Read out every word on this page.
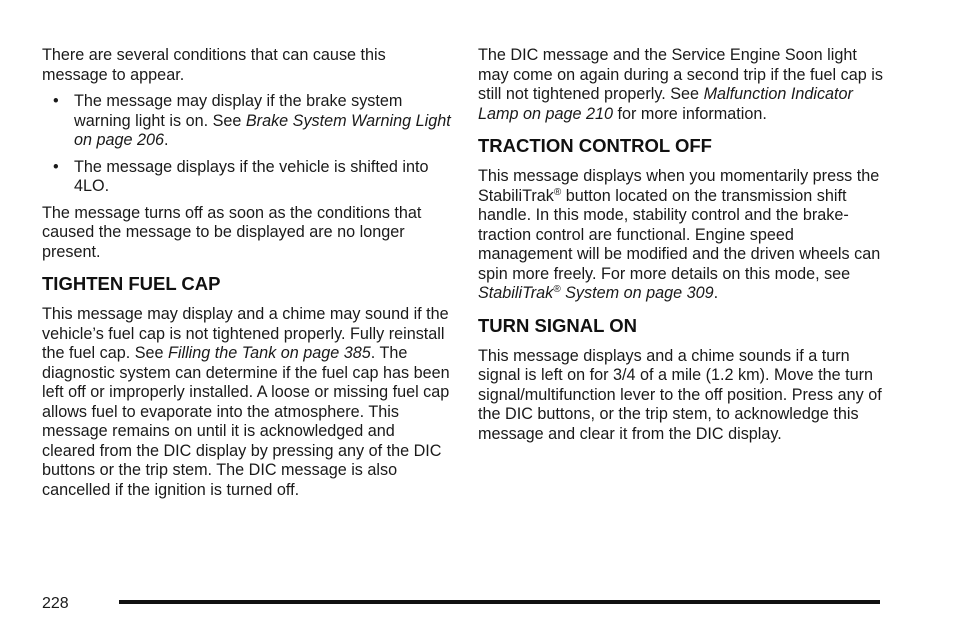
There are several conditions that can cause this message to appear.

• The message may display if the brake system warning light is on. See Brake System Warning Light on page 206.
• The message displays if the vehicle is shifted into 4LO.

The message turns off as soon as the conditions that caused the message to be displayed are no longer present.

TIGHTEN FUEL CAP

This message may display and a chime may sound if the vehicle’s fuel cap is not tightened properly. Fully reinstall the fuel cap. See Filling the Tank on page 385. The diagnostic system can determine if the fuel cap has been left off or improperly installed. A loose or missing fuel cap allows fuel to evaporate into the atmosphere. This message remains on until it is acknowledged and cleared from the DIC display by pressing any of the DIC buttons or the trip stem. The DIC message is also cancelled if the ignition is turned off.

The DIC message and the Service Engine Soon light may come on again during a second trip if the fuel cap is still not tightened properly. See Malfunction Indicator Lamp on page 210 for more information.

TRACTION CONTROL OFF

This message displays when you momentarily press the StabiliTrak® button located on the transmission shift handle. In this mode, stability control and the brake-traction control are functional. Engine speed management will be modified and the driven wheels can spin more freely. For more details on this mode, see StabiliTrak® System on page 309.

TURN SIGNAL ON

This message displays and a chime sounds if a turn signal is left on for 3/4 of a mile (1.2 km). Move the turn signal/multifunction lever to the off position. Press any of the DIC buttons, or the trip stem, to acknowledge this message and clear it from the DIC display.

228
